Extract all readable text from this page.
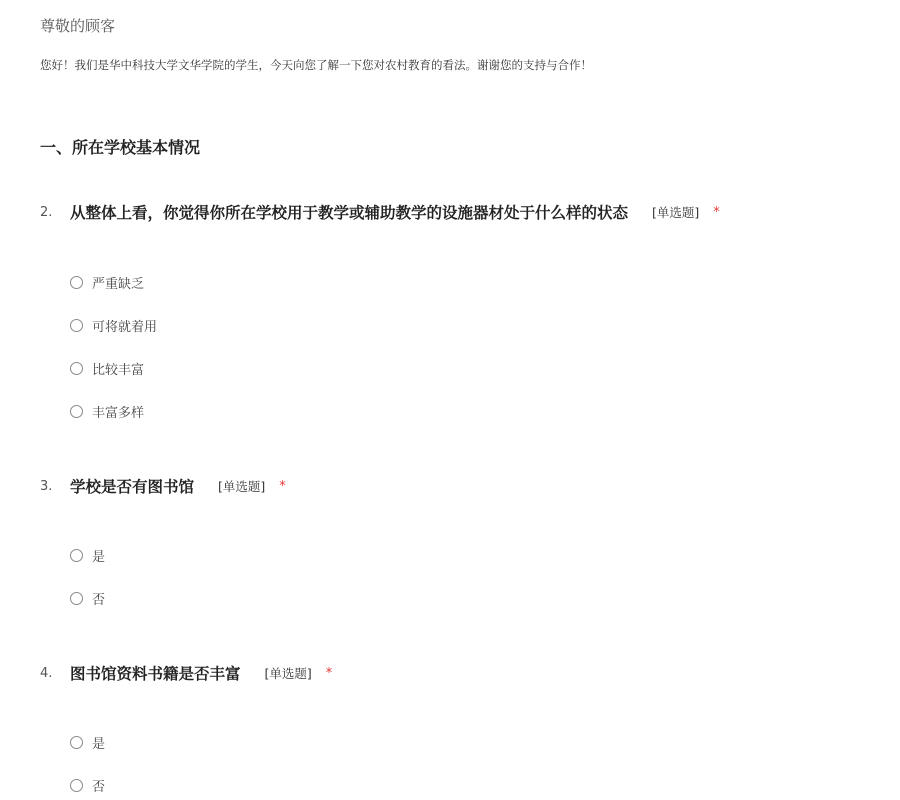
尊敬的顾客
您好！我们是华中科技大学文华学院的学生，今天向您了解一下您对农村教育的看法。谢谢您的支持与合作！
一、所在学校基本情况
2.	从整体上看，你觉得你所在学校用于教学或辅助教学的设施器材处于什么样的状态 [单选题] *
严重缺乏
可将就着用
比较丰富
丰富多样
3.	学校是否有图书馆 [单选题] *
是
否
4.	图书馆资料书籍是否丰富 [单选题] *
是
否
